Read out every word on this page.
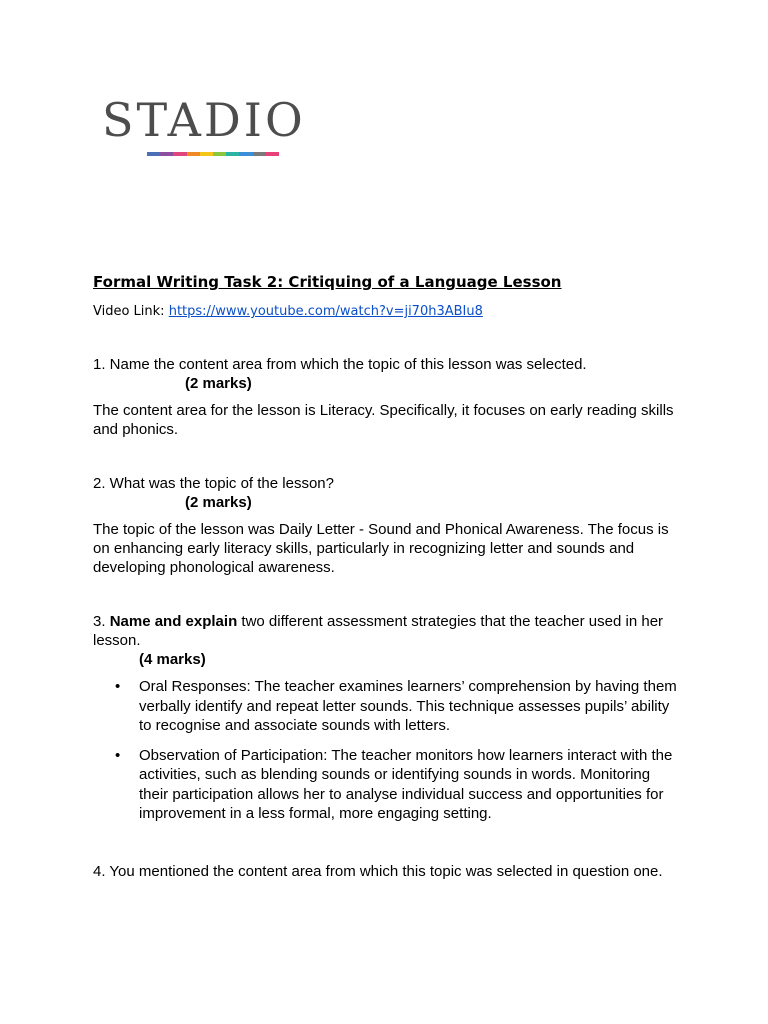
STADIO
Formal Writing Task 2: Critiquing of a Language Lesson
Video Link: https://www.youtube.com/watch?v=ji70h3ABIu8

1. Name the content area from which the topic of this lesson was selected.

(2 marks)

The content area for the lesson is Literacy. Specifically, it focuses on early reading skills and phonics.

2. What was the topic of the lesson?

(2 marks)

The topic of the lesson was Daily Letter - Sound and Phonical Awareness. The focus is on enhancing early literacy skills, particularly in recognizing letter and sounds and developing phonological awareness.

3. Name and explain two different assessment strategies that the teacher used in her lesson.

(4 marks)
• Oral Responses: The teacher examines learners’ comprehension by having them verbally identify and repeat letter sounds. This technique assesses pupils’ ability to recognise and associate sounds with letters.
• Observation of Participation: The teacher monitors how learners interact with the activities, such as blending sounds or identifying sounds in words. Monitoring their participation allows her to analyse individual success and opportunities for improvement in a less formal, more engaging setting.

4. You mentioned the content area from which this topic was selected in question one.
